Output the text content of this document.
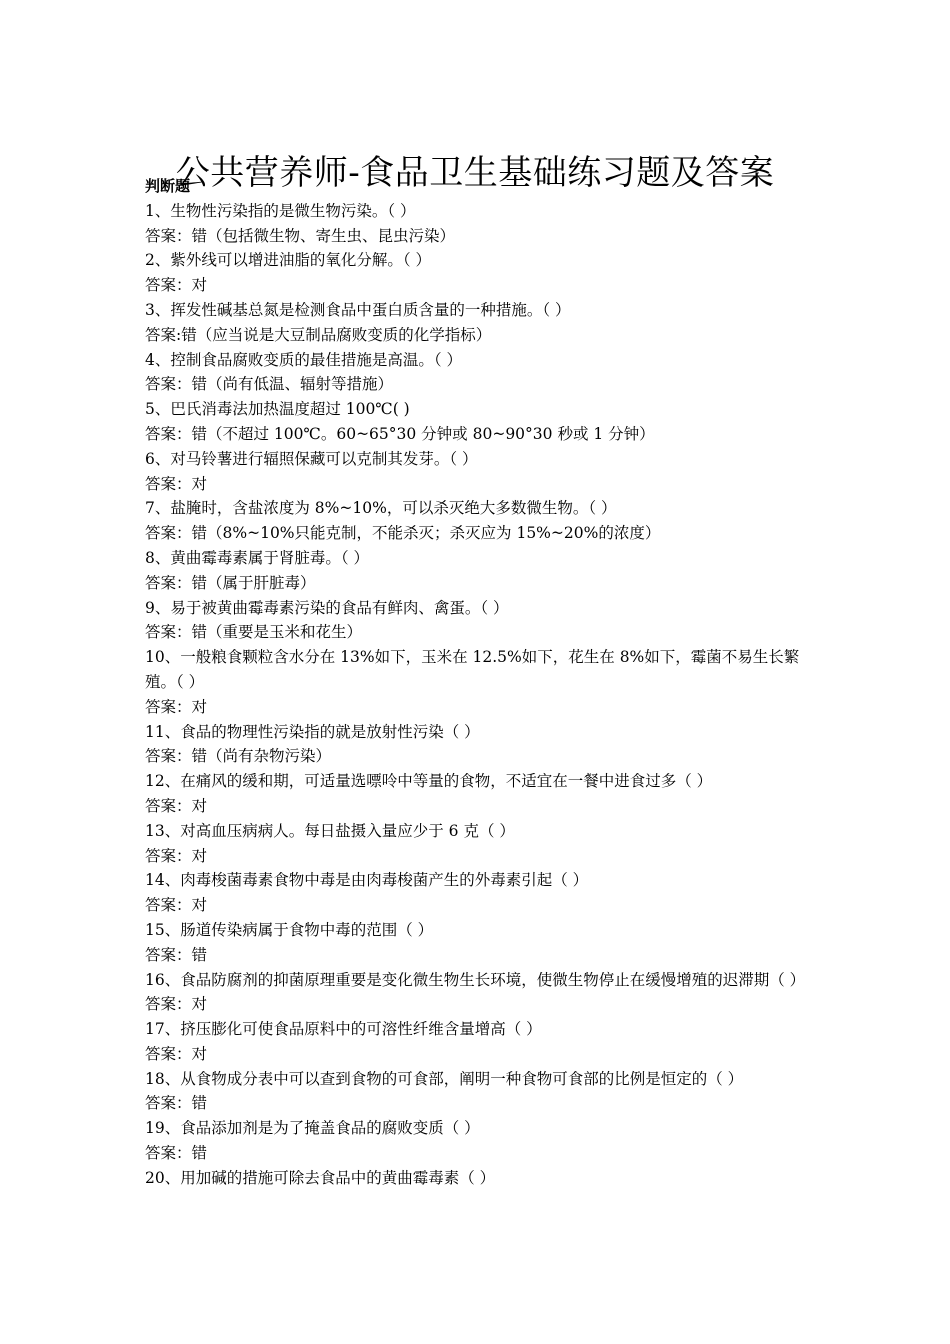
公共营养师-食品卫生基础练习题及答案
判断题
1、生物性污染指的是微生物污染。（ ）
答案：错（包括微生物、寄生虫、昆虫污染）
2、紫外线可以增进油脂的氧化分解。（ ）
答案：对
3、挥发性碱基总氮是检测食品中蛋白质含量的一种措施。（ ）
答案:错（应当说是大豆制品腐败变质的化学指标）
4、控制食品腐败变质的最佳措施是高温。（ ）
答案：错（尚有低温、辐射等措施）
5、巴氏消毒法加热温度超过 100℃( )
答案：错（不超过 100℃。60~65°30 分钟或 80~90°30 秒或 1 分钟）
6、对马铃薯进行辐照保藏可以克制其发芽。（ ）
答案：对
7、盐腌时，含盐浓度为 8%~10%，可以杀灭绝大多数微生物。（ ）
答案：错（8%~10%只能克制，不能杀灭；杀灭应为 15%~20%的浓度）
8、黄曲霉毒素属于肾脏毒。（ ）
答案：错（属于肝脏毒）
9、易于被黄曲霉毒素污染的食品有鲜肉、禽蛋。（ ）
答案：错（重要是玉米和花生）
10、一般粮食颗粒含水分在 13%如下，玉米在 12.5%如下，花生在 8%如下，霉菌不易生长繁殖。（ ）
答案：对
11、食品的物理性污染指的就是放射性污染（ ）
答案：错（尚有杂物污染）
12、在痛风的缓和期，可适量选嘌呤中等量的食物，不适宜在一餐中进食过多（ ）
答案：对
13、对高血压病病人。每日盐摄入量应少于 6 克（ ）
答案：对
14、肉毒梭菌毒素食物中毒是由肉毒梭菌产生的外毒素引起（ ）
答案：对
15、肠道传染病属于食物中毒的范围（ ）
答案：错
16、食品防腐剂的抑菌原理重要是变化微生物生长环境，使微生物停止在缓慢增殖的迟滞期（ ）
答案：对
17、挤压膨化可使食品原料中的可溶性纤维含量增高（ ）
答案：对
18、从食物成分表中可以查到食物的可食部，阐明一种食物可食部的比例是恒定的（ ）
答案：错
19、食品添加剂是为了掩盖食品的腐败变质（ ）
答案：错
20、用加碱的措施可除去食品中的黄曲霉毒素（ ）
